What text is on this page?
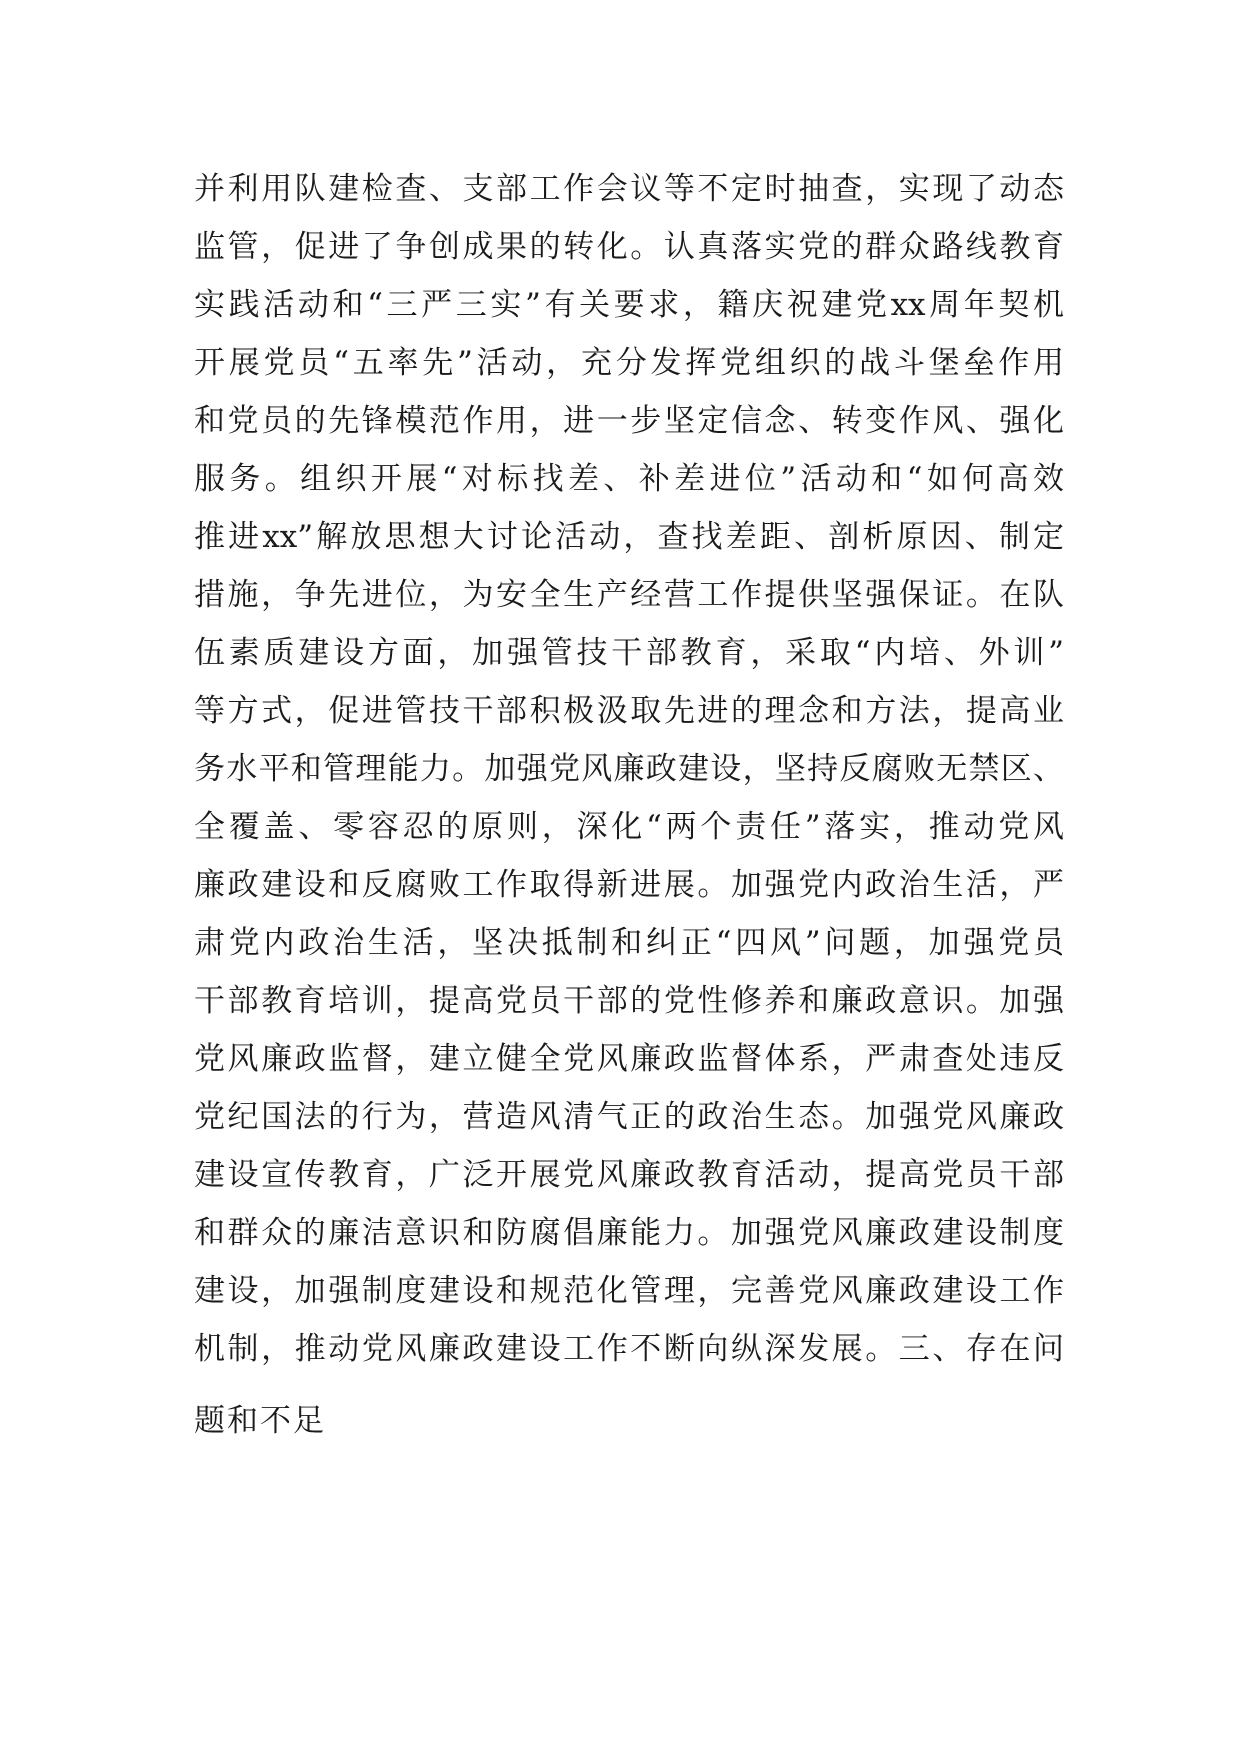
并利用队建检查、支部工作会议等不定时抽查，实现了动态
监管，促进了争创成果的转化。认真落实党的群众路线教育
实践活动和“三严三实”有关要求，籍庆祝建党xx周年契机
开展党员“五率先”活动，充分发挥党组织的战斗堡垒作用
和党员的先锋模范作用，进一步坚定信念、转变作风、强化
服务。组织开展“对标找差、补差进位”活动和“如何高效
推进xx”解放思想大讨论活动，查找差距、剖析原因、制定
措施，争先进位，为安全生产经营工作提供坚强保证。在队
伍素质建设方面，加强管技干部教育，采取“内培、外训”
等方式，促进管技干部积极汲取先进的理念和方法，提高业
务水平和管理能力。加强党风廉政建设，坚持反腐败无禁区、
全覆盖、零容忍的原则，深化“两个责任”落实，推动党风
廉政建设和反腐败工作取得新进展。加强党内政治生活，严
肃党内政治生活，坚决抵制和纠正“四风”问题，加强党员
干部教育培训，提高党员干部的党性修养和廉政意识。加强
党风廉政监督，建立健全党风廉政监督体系，严肃查处违反
党纪国法的行为，营造风清气正的政治生态。加强党风廉政
建设宣传教育，广泛开展党风廉政教育活动，提高党员干部
和群众的廉洁意识和防腐倡廉能力。加强党风廉政建设制度
建设，加强制度建设和规范化管理，完善党风廉政建设工作
机制，推动党风廉政建设工作不断向纵深发展。三、存在问
题和不足
